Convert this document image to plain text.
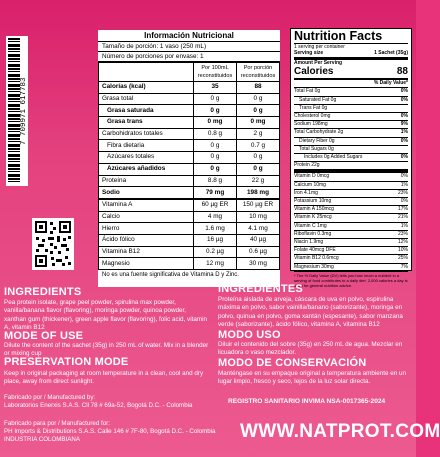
7 709971 617783
Información Nutricional
Tamaño de porción: 1 vaso (250 mL)
Número de porciones por envase: 1
	Por 100mL reconstituidos	Por porción reconstituidos
Calorías (kcal)	35	88
Grasa total	0 g	0 g
Grasa saturada	0 g	0 g
Grasa trans	0 mg	0 mg
Carbohidratos totales	0.8 g	2 g
Fibra dietaria	0 g	0.7 g
Azúcares totales	0 g	0 g
Azúcares añadidos	0 g	0 g
Proteína	8.8 g	22 g
Sodio	79 mg	198 mg
Vitamina A	60 µg ER	150 µg ER
Calcio	4 mg	10 mg
Hierro	1.6 mg	4.1 mg
Ácido fólico	16 µg	40 µg
Vitamina B12	0.2 µg	0.6 µg
Magnesio	12 mg	30 mg
No es una fuente significativa de Vitamina D y Zinc.
Nutrition Facts
1 serving per container
Serving size	1 Sachet (35g)
Amount Per Serving
Calories	88
% Daily Value*
Total Fat 0g	0%
Saturated Fat 0g	0%
Trans Fat 0g
Cholesterol 0mg	0%
Sodium 198mg	9%
Total Carbohydrate 2g	1%
Dietary Fiber 0g	0%
Total Sugars 0g
Includes 0g Added Sugars	0%
Protein 22g
Vitamin D 0mcg	0%
Calcium 10mg	1%
Iron 4.1mg	23%
Potassium 10mg	0%
Vitamin A 150mcg	17%
Vitamin K 25mcg	21%
Vitamin C 1mg	1%
Riboflavin 0.3mg	23%
Niacin 1.9mg	12%
Folate 40mcg DFE	10%
Vitamin B12 0.6mcg	25%
Magnesium 30mg	7%
* The % Daily Value (DV) tells you how much a nutrient in a serving of food contributes to a daily diet. 2,000 calories a day is used for general nutrition advice.
INGREDIENTS
Pea protein isolate, grape peel powder, spirulina max powder, vanilla/banana flavor (flavoring), moringa powder, quinoa powder, xanthan gum (thickener), green apple flavor (flavoring), folic acid, vitamin A, vitamin B12
MODE OF USE
Dilute the content of the sachet (35g) in 250 mL of water. Mix in a blender or mixing cup
PRESERVATION MODE
Keep in original packaging at room temperature in a clean, cool and dry place, away from direct sunlight.
Fabricado por / Manufactured by:
Laboratorios Enerxis S.A.S. Cll 78 # 69a-52, Bogotá D.C. - Colombia
Fabricado para por / Manufactured for:
PH Imports & Distributions S.A.S. Calle 146 # 7F-80, Bogotá D.C. - Colombia
INDUSTRIA COLOMBIANA
INGREDIENTES
Proteína aislada de arveja, cáscara de uva en polvo, espirulina máxima en polvo, sabor vainilla/banano (saborizante), moringa en polvo, quinua en polvo, goma xantán (espesante), sabor manzana verde (saborizante), ácido fólico, vitamina A, vitamina B12
MODO USO
Diluir el contenido del sobre (35g) en 250 mL de agua. Mezclar en licuadora o vaso mezclador.
MODO DE CONSERVACIÓN
Manténgase en su empaque original a temperatura ambiente en un lugar limpio, fresco y seco, lejos de la luz solar directa.
REGISTRO SANITARIO INVIMA NSA-0017365-2024
WWW.NATPROT.COM
